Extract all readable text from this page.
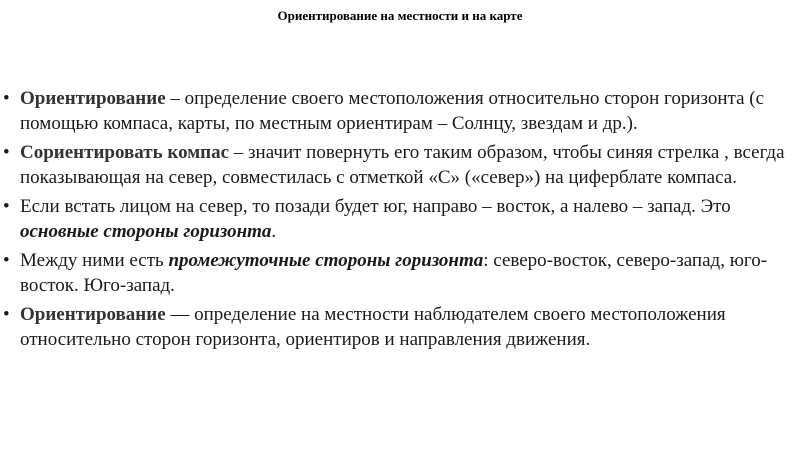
Ориентирование на местности и на карте
• Ориентирование – определение своего местоположения относительно сторон горизонта (с помощью компаса, карты, по местным ориентирам – Солнцу, звездам и др.).
• Сориентировать компас – значит повернуть его таким образом, чтобы синяя стрелка , всегда показывающая на север, совместилась с отметкой «С» («север») на циферблате компаса.
• Если встать лицом на север, то позади будет юг, направо – восток, а налево – запад. Это основные стороны горизонта.
• Между ними есть промежуточные стороны горизонта: северо-восток, северо-запад, юго-восток. Юго-запад.
• Ориентирование — определение на местности наблюдателем своего местоположения относительно сторон горизонта, ориентиров и направления движения.
